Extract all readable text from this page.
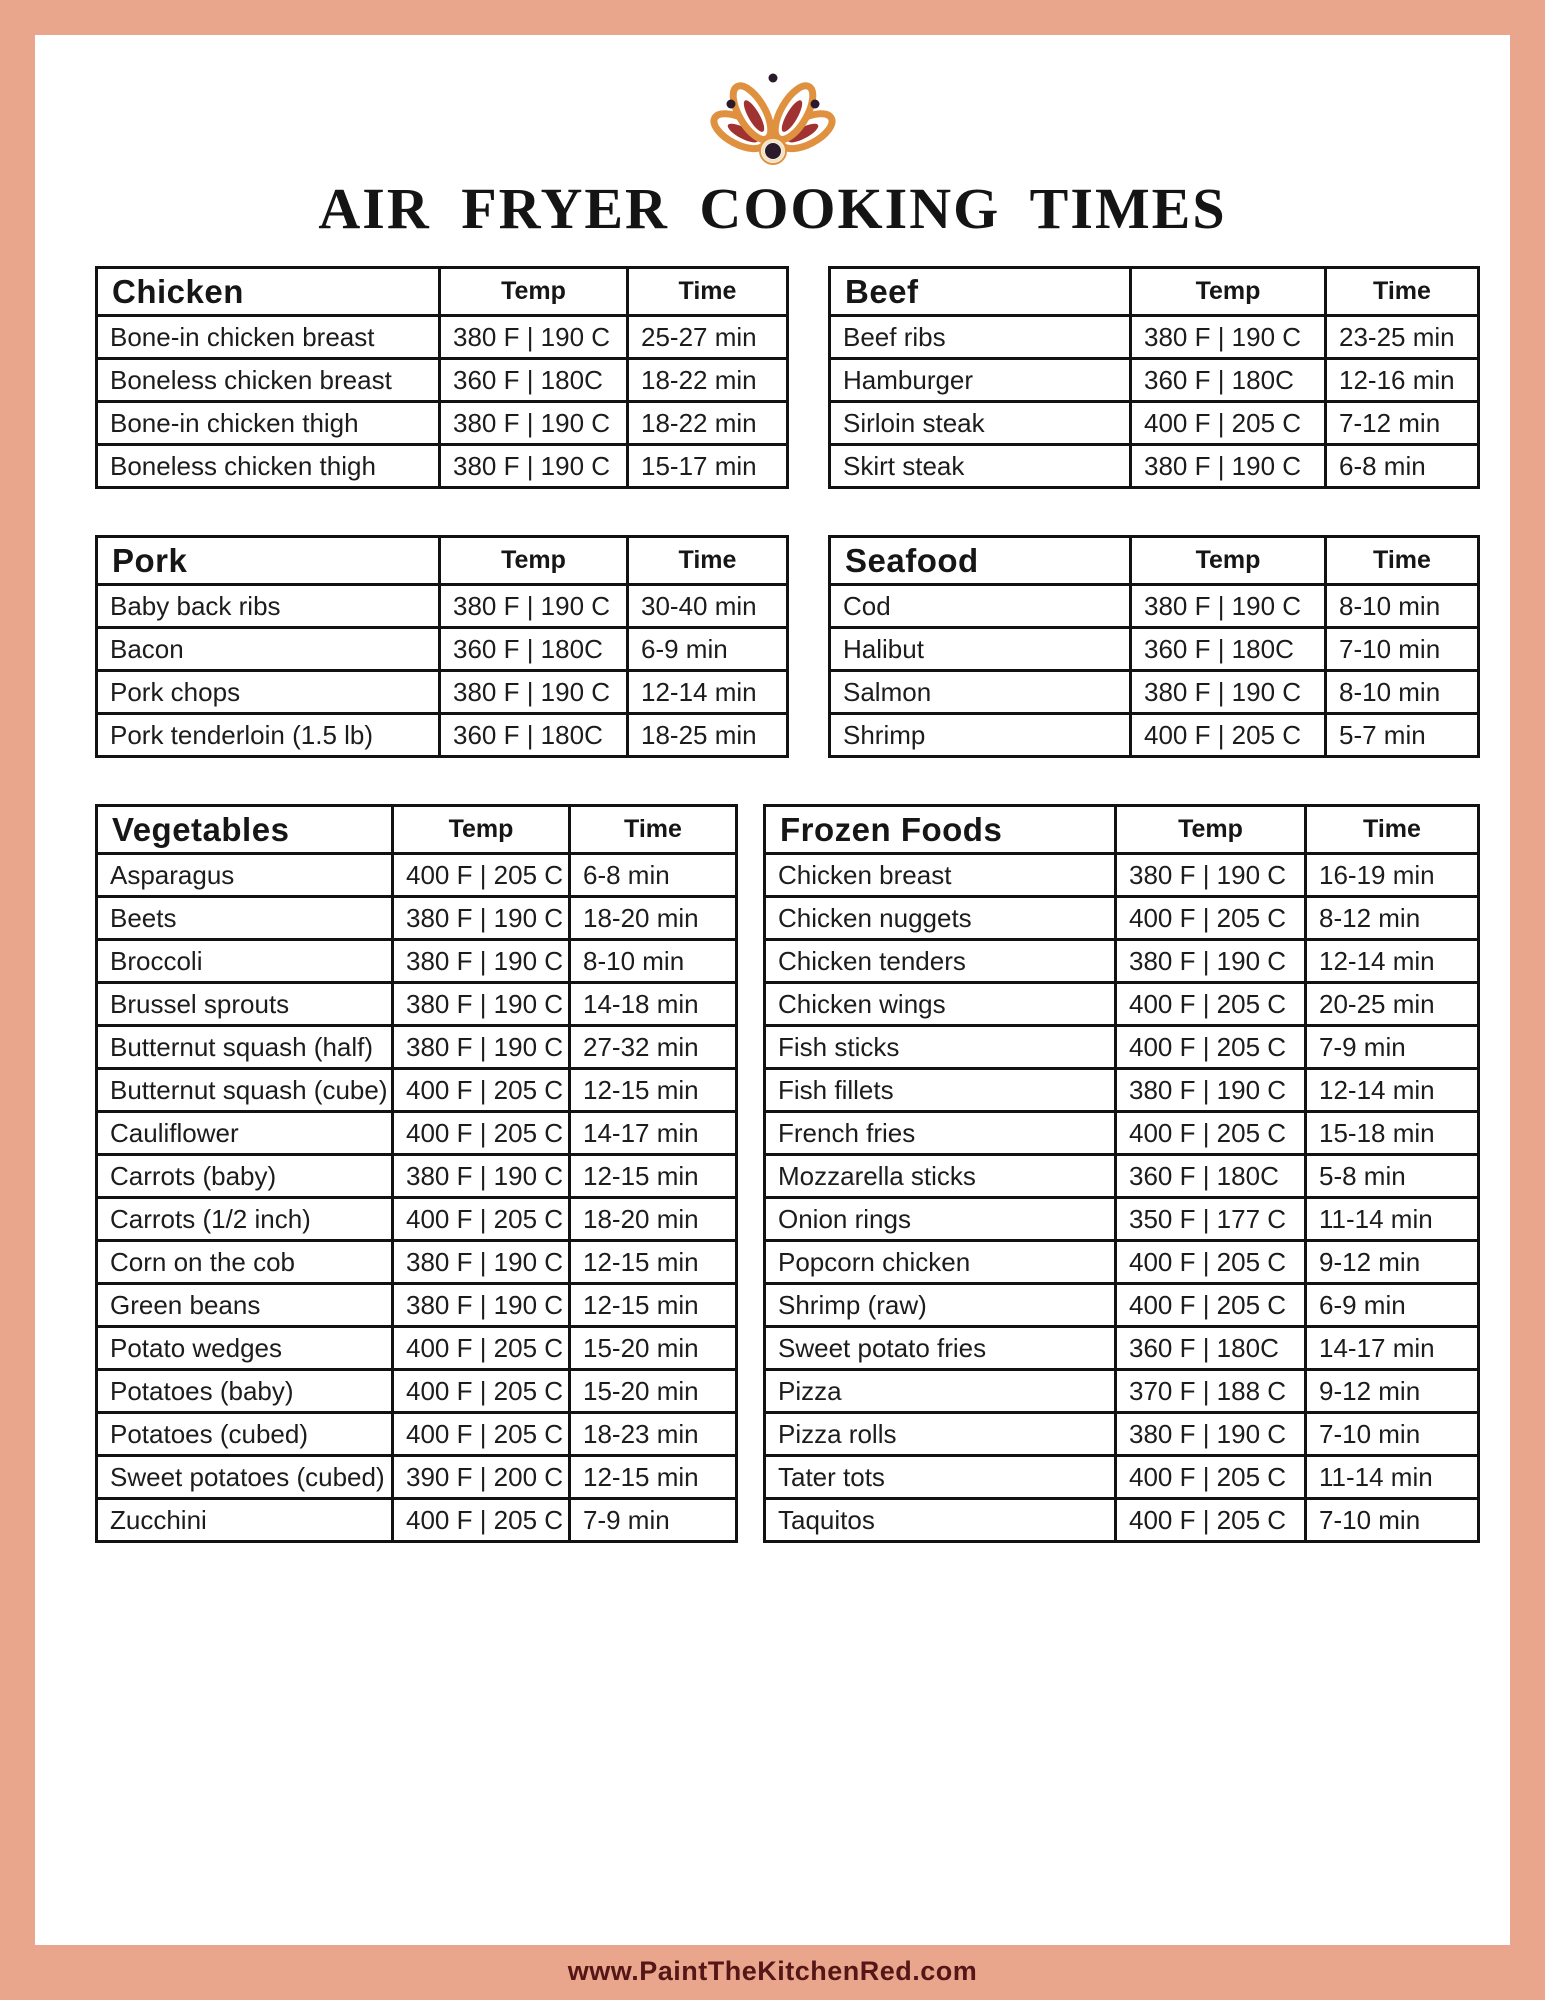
AIR FRYER COOKING TIMES
Chicken	Temp	Time
Bone-in chicken breast	380 F | 190 C	25-27 min
Boneless chicken breast	360 F | 180C	18-22 min
Bone-in chicken thigh	380 F | 190 C	18-22 min
Boneless chicken thigh	380 F | 190 C	15-17 min
Beef	Temp	Time
Beef ribs	380 F | 190 C	23-25 min
Hamburger	360 F | 180C	12-16 min
Sirloin steak	400 F | 205 C	7-12 min
Skirt steak	380 F | 190 C	6-8 min
Pork	Temp	Time
Baby back ribs	380 F | 190 C	30-40 min
Bacon	360 F | 180C	6-9 min
Pork chops	380 F | 190 C	12-14 min
Pork tenderloin (1.5 lb)	360 F | 180C	18-25 min
Seafood	Temp	Time
Cod	380 F | 190 C	8-10 min
Halibut	360 F | 180C	7-10 min
Salmon	380 F | 190 C	8-10 min
Shrimp	400 F | 205 C	5-7 min
Vegetables	Temp	Time
Asparagus	400 F | 205 C	6-8 min
Beets	380 F | 190 C	18-20 min
Broccoli	380 F | 190 C	8-10 min
Brussel sprouts	380 F | 190 C	14-18 min
Butternut squash (half)	380 F | 190 C	27-32 min
Butternut squash (cube)	400 F | 205 C	12-15 min
Cauliflower	400 F | 205 C	14-17 min
Carrots (baby)	380 F | 190 C	12-15 min
Carrots (1/2 inch)	400 F | 205 C	18-20 min
Corn on the cob	380 F | 190 C	12-15 min
Green beans	380 F | 190 C	12-15 min
Potato wedges	400 F | 205 C	15-20 min
Potatoes (baby)	400 F | 205 C	15-20 min
Potatoes (cubed)	400 F | 205 C	18-23 min
Sweet potatoes (cubed)	390 F | 200 C	12-15 min
Zucchini	400 F | 205 C	7-9 min
Frozen Foods	Temp	Time
Chicken breast	380 F | 190 C	16-19 min
Chicken nuggets	400 F | 205 C	8-12 min
Chicken tenders	380 F | 190 C	12-14 min
Chicken wings	400 F | 205 C	20-25 min
Fish sticks	400 F | 205 C	7-9 min
Fish fillets	380 F | 190 C	12-14 min
French fries	400 F | 205 C	15-18 min
Mozzarella sticks	360 F | 180C	5-8 min
Onion rings	350 F | 177 C	11-14 min
Popcorn chicken	400 F | 205 C	9-12 min
Shrimp (raw)	400 F | 205 C	6-9 min
Sweet potato fries	360 F | 180C	14-17 min
Pizza	370 F | 188 C	9-12 min
Pizza rolls	380 F | 190 C	7-10 min
Tater tots	400 F | 205 C	11-14 min
Taquitos	400 F | 205 C	7-10 min
www.PaintTheKitchenRed.com
